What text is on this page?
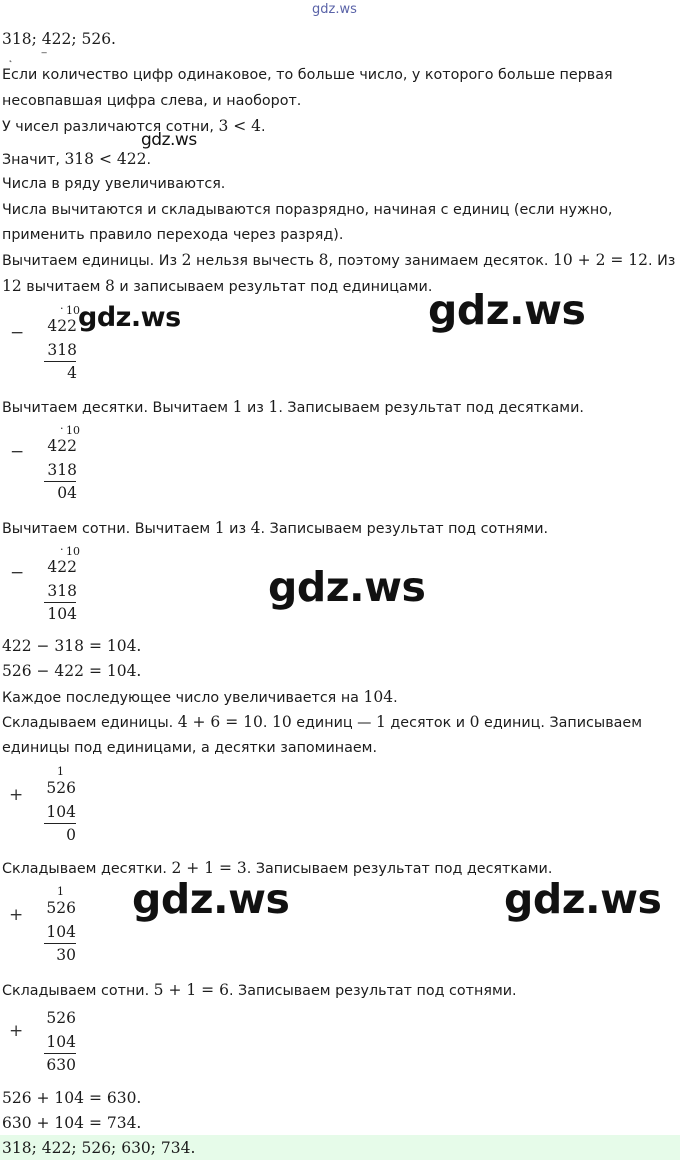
gdz.ws
gdz.ws
gdz.ws	gdz.ws
gdz.ws
gdz.ws	gdz.ws
318; 422; 526.
˛         ‾
Если количество цифр одинаковое, то больше число, у которого больше первая
несовпавшая цифра слева, и наоборот.
У чисел различаются сотни, 3 < 4.
Значит, 318 < 422.
Числа в ряду увеличиваются.
Числа вычитаются и складываются поразрядно, начиная с единиц (если нужно,
применить правило перехода через разряд).
Вычитаем единицы. Из 2 нельзя вычесть 8, поэтому занимаем десяток. 10 + 2 = 12. Из
12 вычитаем 8 и записываем результат под единицами.
−
. 10
422
318
4
Вычитаем десятки. Вычитаем 1 из 1. Записываем результат под десятками.
−
. 10
422
318
04
Вычитаем сотни. Вычитаем 1 из 4. Записываем результат под сотнями.
−
. 10
422
318
104
422 − 318 = 104.
526 − 422 = 104.
Каждое последующее число увеличивается на 104.
Складываем единицы. 4 + 6 = 10. 10 единиц — 1 десяток и 0 единиц. Записываем
единицы под единицами, а десятки запоминаем.
+
1
526
104
0
Складываем десятки. 2 + 1 = 3. Записываем результат под десятками.
+
1
526
104
30
Складываем сотни. 5 + 1 = 6. Записываем результат под сотнями.
+
526
104
630
526 + 104 = 630.
630 + 104 = 734.
318; 422; 526; 630; 734.
